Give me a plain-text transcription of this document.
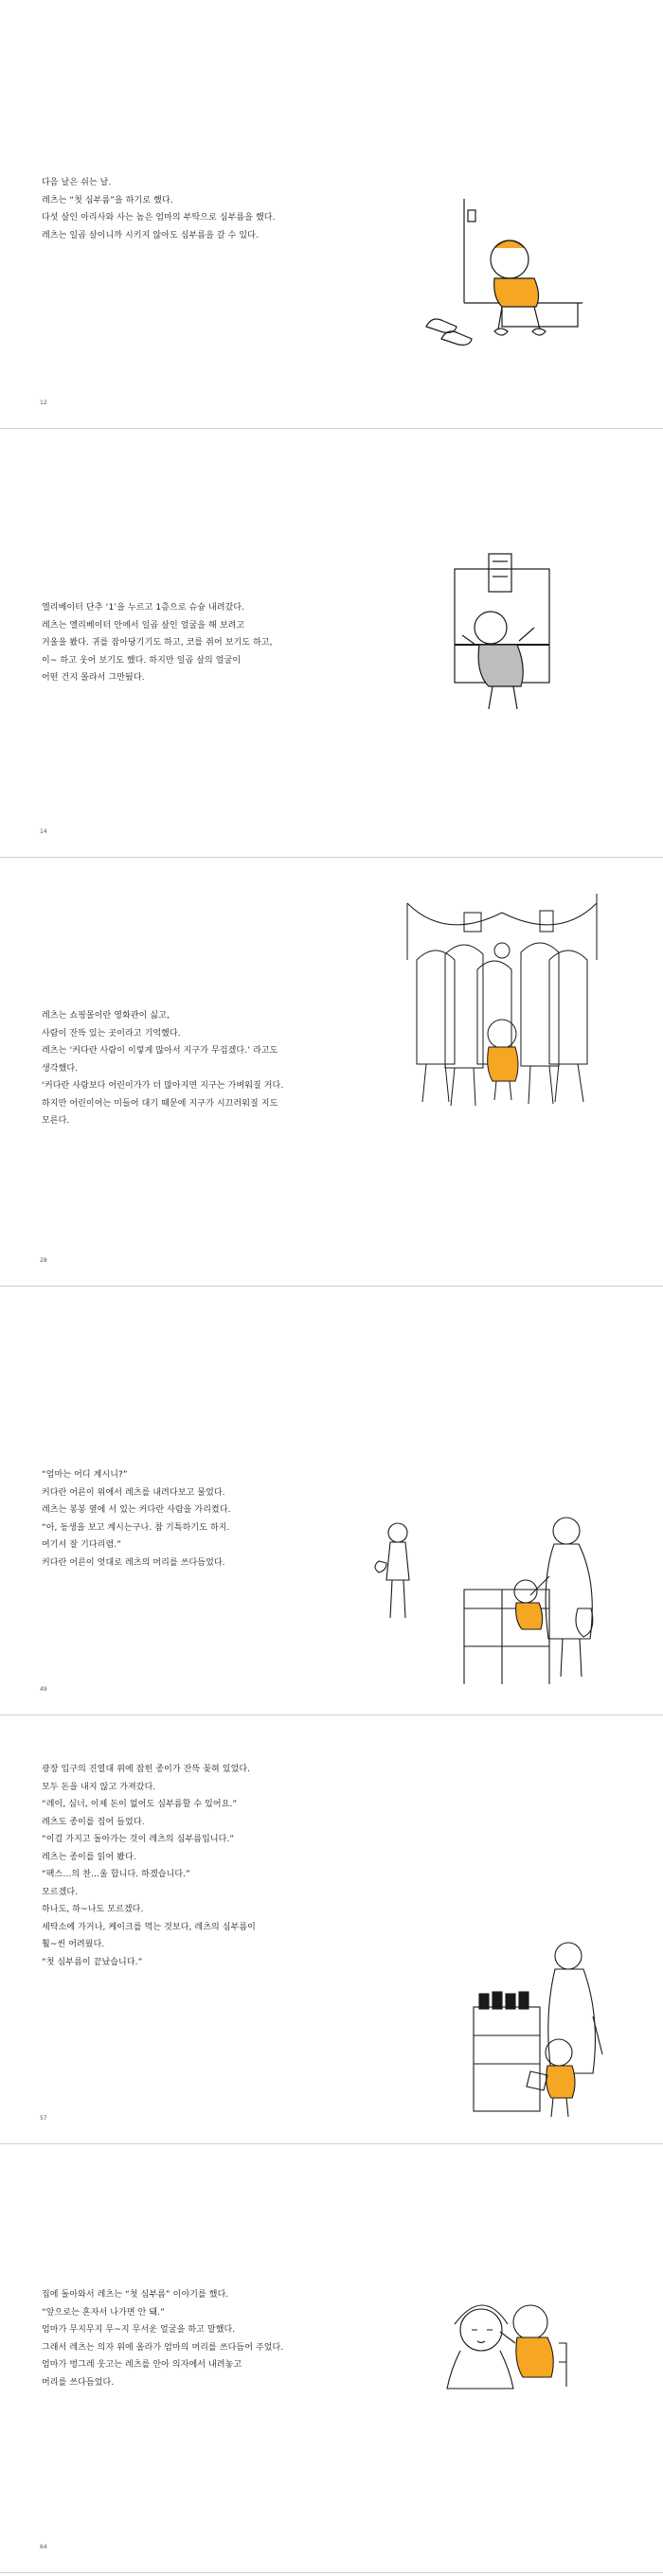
다음 날은 쉬는 날.
레츠는 “첫 심부름”을 하기로 했다.
다섯 살인 아리사와 사는 놈은 엄마의 부탁으로 심부름을 했다.
레츠는 일곱 살이니까 시키지 않아도 심부름을 갈 수 있다.
12
엘리베이터 단추 ‘1’을 누르고 1층으로 슈슝 내려갔다.
레츠는 엘리베이터 안에서 일곱 살인 얼굴을 해 보려고
거울을 봤다. 귀를 잡아당기기도 하고, 코를 쥐어 보기도 하고,
이~ 하고 웃어 보기도 했다. 하지만 일곱 살의 얼굴이
어떤 건지 몰라서 그만뒀다.
14
레츠는 쇼핑몰이란 영화관이 싫고,
사람이 잔뜩 있는 곳이라고 기억했다.
레츠는 ‘커다란 사람이 이렇게 많아서 지구가 무겁겠다.’ 라고도
생각했다.
‘커다란 사람보다 어린이가가 더 많아지면 지구는 가벼워질 거다.
하지만 어린이어는 미들어 대기 때문에 지구가 시끄러워질 지도
모른다.
28
“엄마는 어디 계시니?”
커다란 어른이 위에서 레츠를 내려다보고 물었다.
레츠는 봉봉 옆에 서 있는 커다란 사람을 가리켰다.
“아, 동생을 보고 계시는구나. 참 기특하기도 하지.
여기서 잘 기다리렴.”
커다란 어른이 엇대로 레츠의 머리를 쓰다듬었다.
49
광장 입구의 진열대 위에 잡힌 종이가 잔뜩 꽂혀 있었다.
모두 돈을 내지 않고 가져갔다.
“레이, 심너, 이제 돈이 없어도 심부름할 수 있어요.”
레츠도 종이를 집어 들었다.
“이걸 가지고 돌아가는 것이 레츠의 심부름입니다.”
레츠는 종이를 읽어 봤다.
“팩스…의 찬…울 합니다. 하겠습니다.”
모르겠다.
하나도, 하~나도 모르겠다.
세탁소에 가거나, 케이크를 먹는 것보다, 레츠의 심부름이
훨~씬 어려웠다.
“첫 심부름이 끝났습니다.”
57
집에 돌아와서 레츠는 “첫 심부름” 이야기를 했다.
“앞으로는 혼자서 나가면 안 돼.”
엄마가 무지무지 무~지 무서운 얼굴을 하고 말했다.
그래서 레츠는 의자 위에 올라가 엄마의 머리를 쓰다듬어 주었다.
엄마가 벙그레 웃고는 레츠를 안아 의자에서 내려놓고
머리를 쓰다듬었다.
64
